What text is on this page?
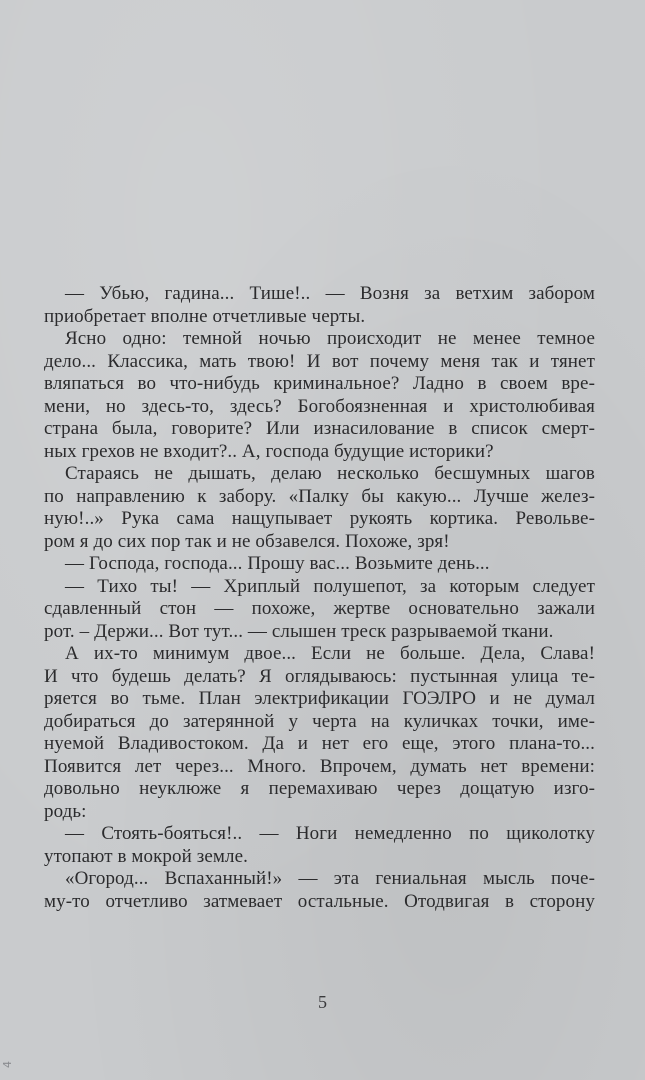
— Убью, гадина... Тише!.. — Возня за ветхим забором
приобретает вполне отчетливые черты.
Ясно одно: темной ночью происходит не менее темное
дело... Классика, мать твою! И вот почему меня так и тянет
вляпаться во что-нибудь криминальное? Ладно в своем вре-
мени, но здесь-то, здесь? Богобоязненная и христолюбивая
страна была, говорите? Или изнасилование в список смерт-
ных грехов не входит?.. А, господа будущие историки?
Стараясь не дышать, делаю несколько бесшумных шагов
по направлению к забору. «Палку бы какую... Лучше желез-
ную!..» Рука сама нащупывает рукоять кортика. Револьве-
ром я до сих пор так и не обзавелся. Похоже, зря!
— Господа, господа... Прошу вас... Возьмите день...
— Тихо ты! — Хриплый полушепот, за которым следует
сдавленный стон — похоже, жертве основательно зажали
рот. – Держи... Вот тут... — слышен треск разрываемой ткани.
А их-то минимум двое... Если не больше. Дела, Слава!
И что будешь делать? Я оглядываюсь: пустынная улица те-
ряется во тьме. План электрификации ГОЭЛРО и не думал
добираться до затерянной у черта на куличках точки, име-
нуемой Владивостоком. Да и нет его еще, этого плана-то...
Появится лет через... Много. Впрочем, думать нет времени:
довольно неуклюже я перемахиваю через дощатую изго-
родь:
— Стоять-бояться!.. — Ноги немедленно по щиколотку
утопают в мокрой земле.
«Огород... Вспаханный!» — эта гениальная мысль поче-
му-то отчетливо затмевает остальные. Отодвигая в сторону
5
4
